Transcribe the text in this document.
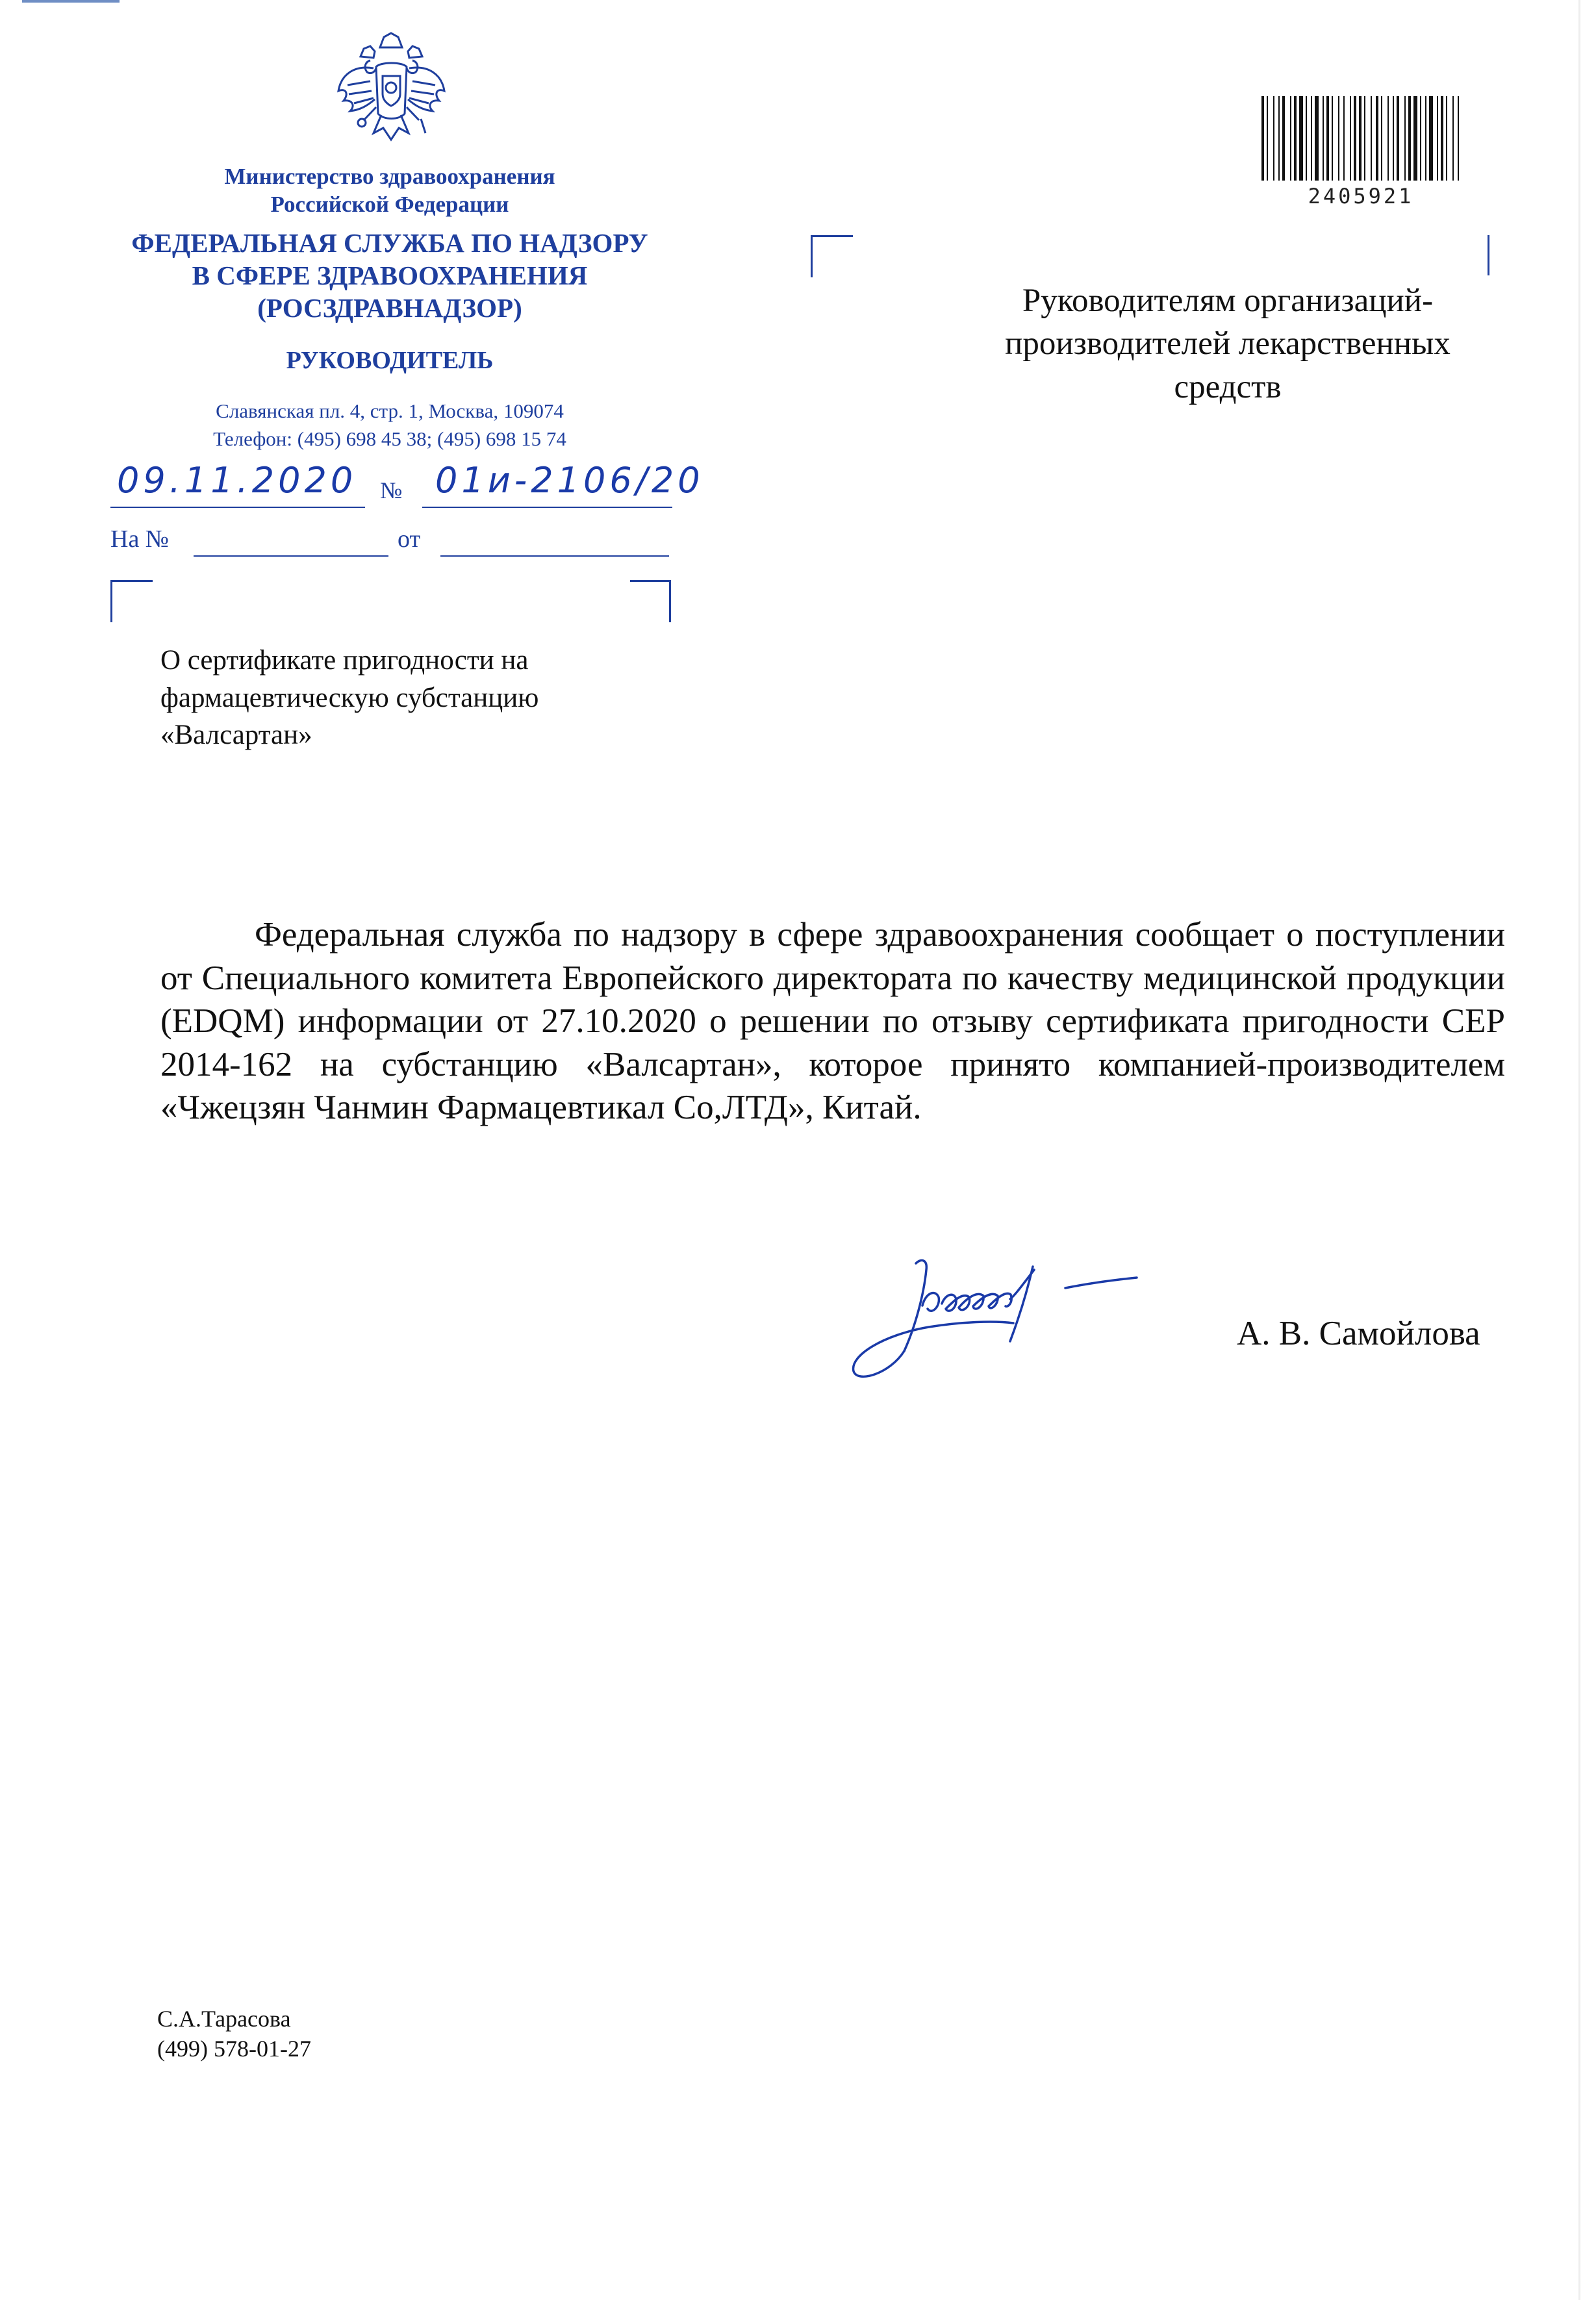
Министерство здравоохранения
Российской Федерации
ФЕДЕРАЛЬНАЯ СЛУЖБА ПО НАДЗОРУ
В СФЕРЕ ЗДРАВООХРАНЕНИЯ
(РОСЗДРАВНАДЗОР)
РУКОВОДИТЕЛЬ
Славянская пл. 4, стр. 1, Москва, 109074
Телефон: (495) 698 45 38; (495) 698 15 74
09.11.2020 № 01и-2106/20
На №	от
2405921
Руководителям организаций-
производителей лекарственных
средств
О сертификате пригодности на
фармацевтическую субстанцию
«Валсартан»
Федеральная служба по надзору в сфере здравоохранения сообщает о поступлении от Специального комитета Европейского директората по качеству медицинской продукции (EDQM) информации от 27.10.2020 о решении по отзыву сертификата пригодности CEP 2014-162 на субстанцию «Валсартан», которое принято компанией-производителем «Чжецзян Чанмин Фармацевтикал Co,ЛТД», Китай.
А. В. Самойлова
С.А.Тарасова
(499) 578-01-27
